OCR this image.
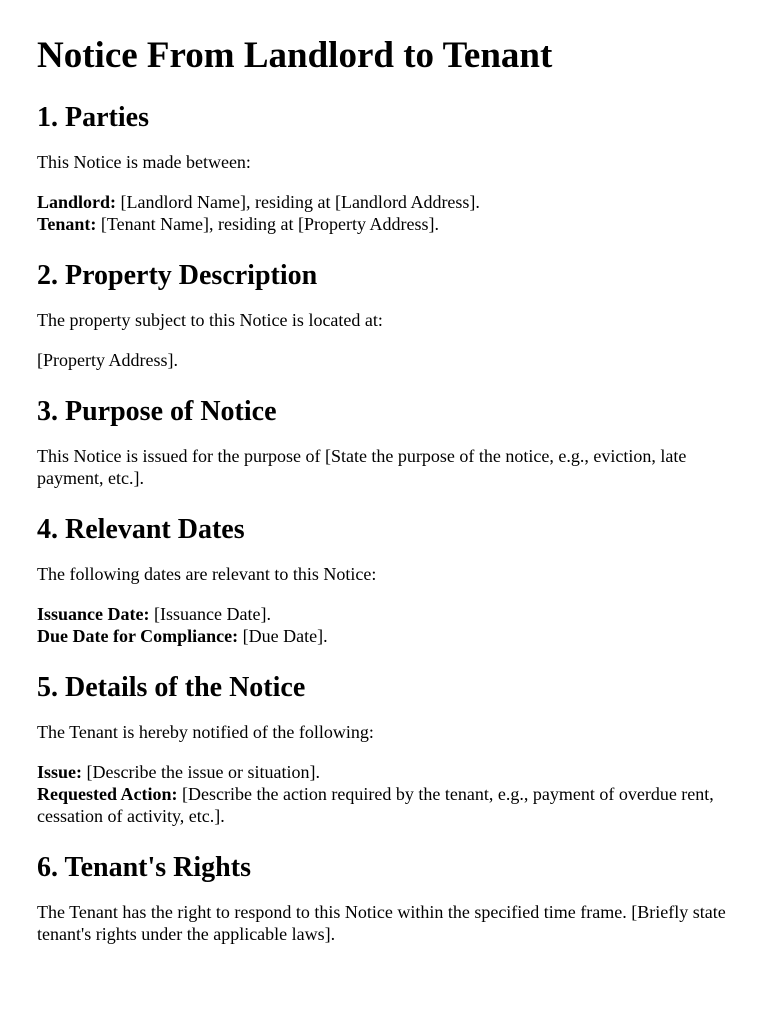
Notice From Landlord to Tenant
1. Parties

This Notice is made between:

Landlord: [Landlord Name], residing at [Landlord Address].
Tenant: [Tenant Name], residing at [Property Address].

2. Property Description

The property subject to this Notice is located at:

[Property Address].

3. Purpose of Notice

This Notice is issued for the purpose of [State the purpose of the notice, e.g., eviction, late payment, etc.].

4. Relevant Dates

The following dates are relevant to this Notice:

Issuance Date: [Issuance Date].
Due Date for Compliance: [Due Date].

5. Details of the Notice

The Tenant is hereby notified of the following:

Issue: [Describe the issue or situation].
Requested Action: [Describe the action required by the tenant, e.g., payment of overdue rent, cessation of activity, etc.].

6. Tenant's Rights

The Tenant has the right to respond to this Notice within the specified time frame. [Briefly state tenant's rights under the applicable laws].
